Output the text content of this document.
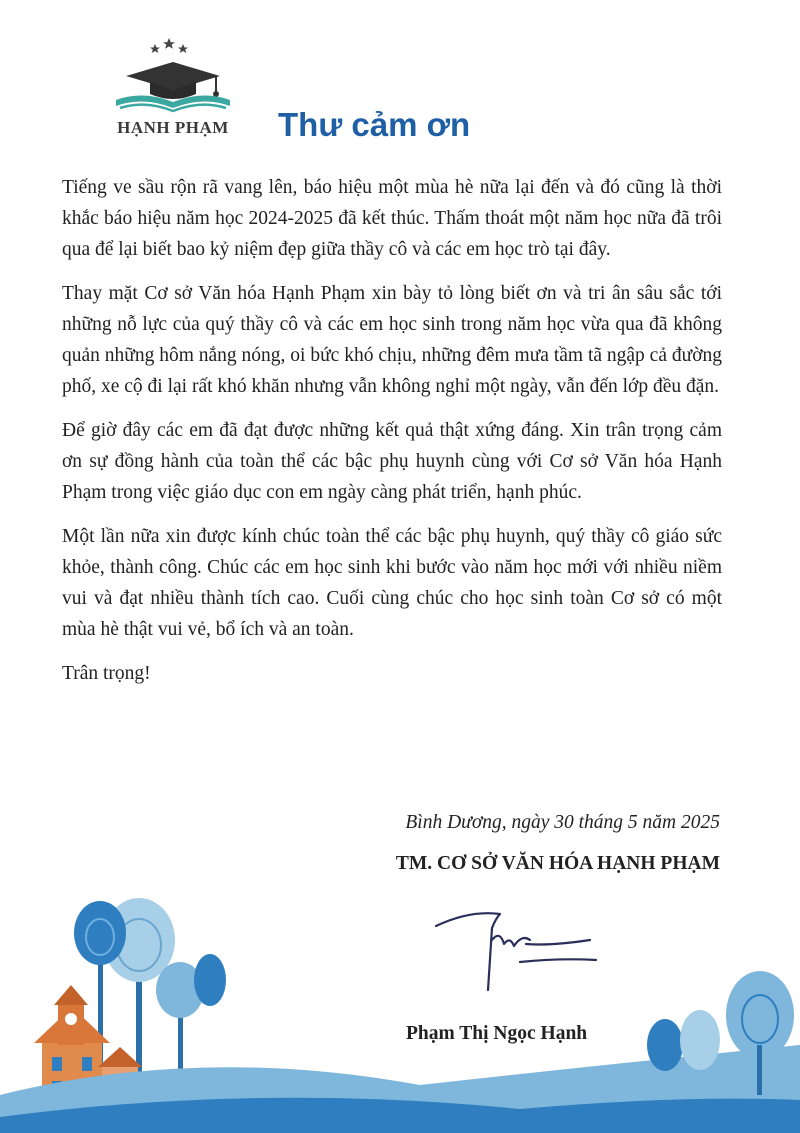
HẠNH PHẠM	Thư cảm ơn

Tiếng ve sầu rộn rã vang lên, báo hiệu một mùa hè nữa lại đến và đó cũng là thời khắc báo hiệu năm học 2024-2025 đã kết thúc. Thấm thoát một năm học nữa đã trôi qua để lại biết bao kỷ niệm đẹp giữa thầy cô và các em học trò tại đây.

Thay mặt Cơ sở Văn hóa Hạnh Phạm xin bày tỏ lòng biết ơn và tri ân sâu sắc tới những nỗ lực của quý thầy cô và các em học sinh trong năm học vừa qua đã không quản những hôm nắng nóng, oi bức khó chịu, những đêm mưa tầm tã ngập cả đường phố, xe cộ đi lại rất khó khăn nhưng vẫn không nghỉ một ngày, vẫn đến lớp đều đặn.

Để giờ đây các em đã đạt được những kết quả thật xứng đáng. Xin trân trọng cảm ơn sự đồng hành của toàn thể các bậc phụ huynh cùng với Cơ sở Văn hóa Hạnh Phạm trong việc giáo dục con em ngày càng phát triển, hạnh phúc.

Một lần nữa xin được kính chúc toàn thể các bậc phụ huynh, quý thầy cô giáo sức khỏe, thành công. Chúc các em học sinh khi bước vào năm học mới với nhiều niềm vui và đạt nhiều thành tích cao. Cuối cùng chúc cho học sinh toàn Cơ sở có một mùa hè thật vui vẻ, bổ ích và an toàn.

Trân trọng!

Bình Dương, ngày 30 tháng 5 năm 2025

TM. CƠ SỞ VĂN HÓA HẠNH PHẠM

Phạm Thị Ngọc Hạnh
